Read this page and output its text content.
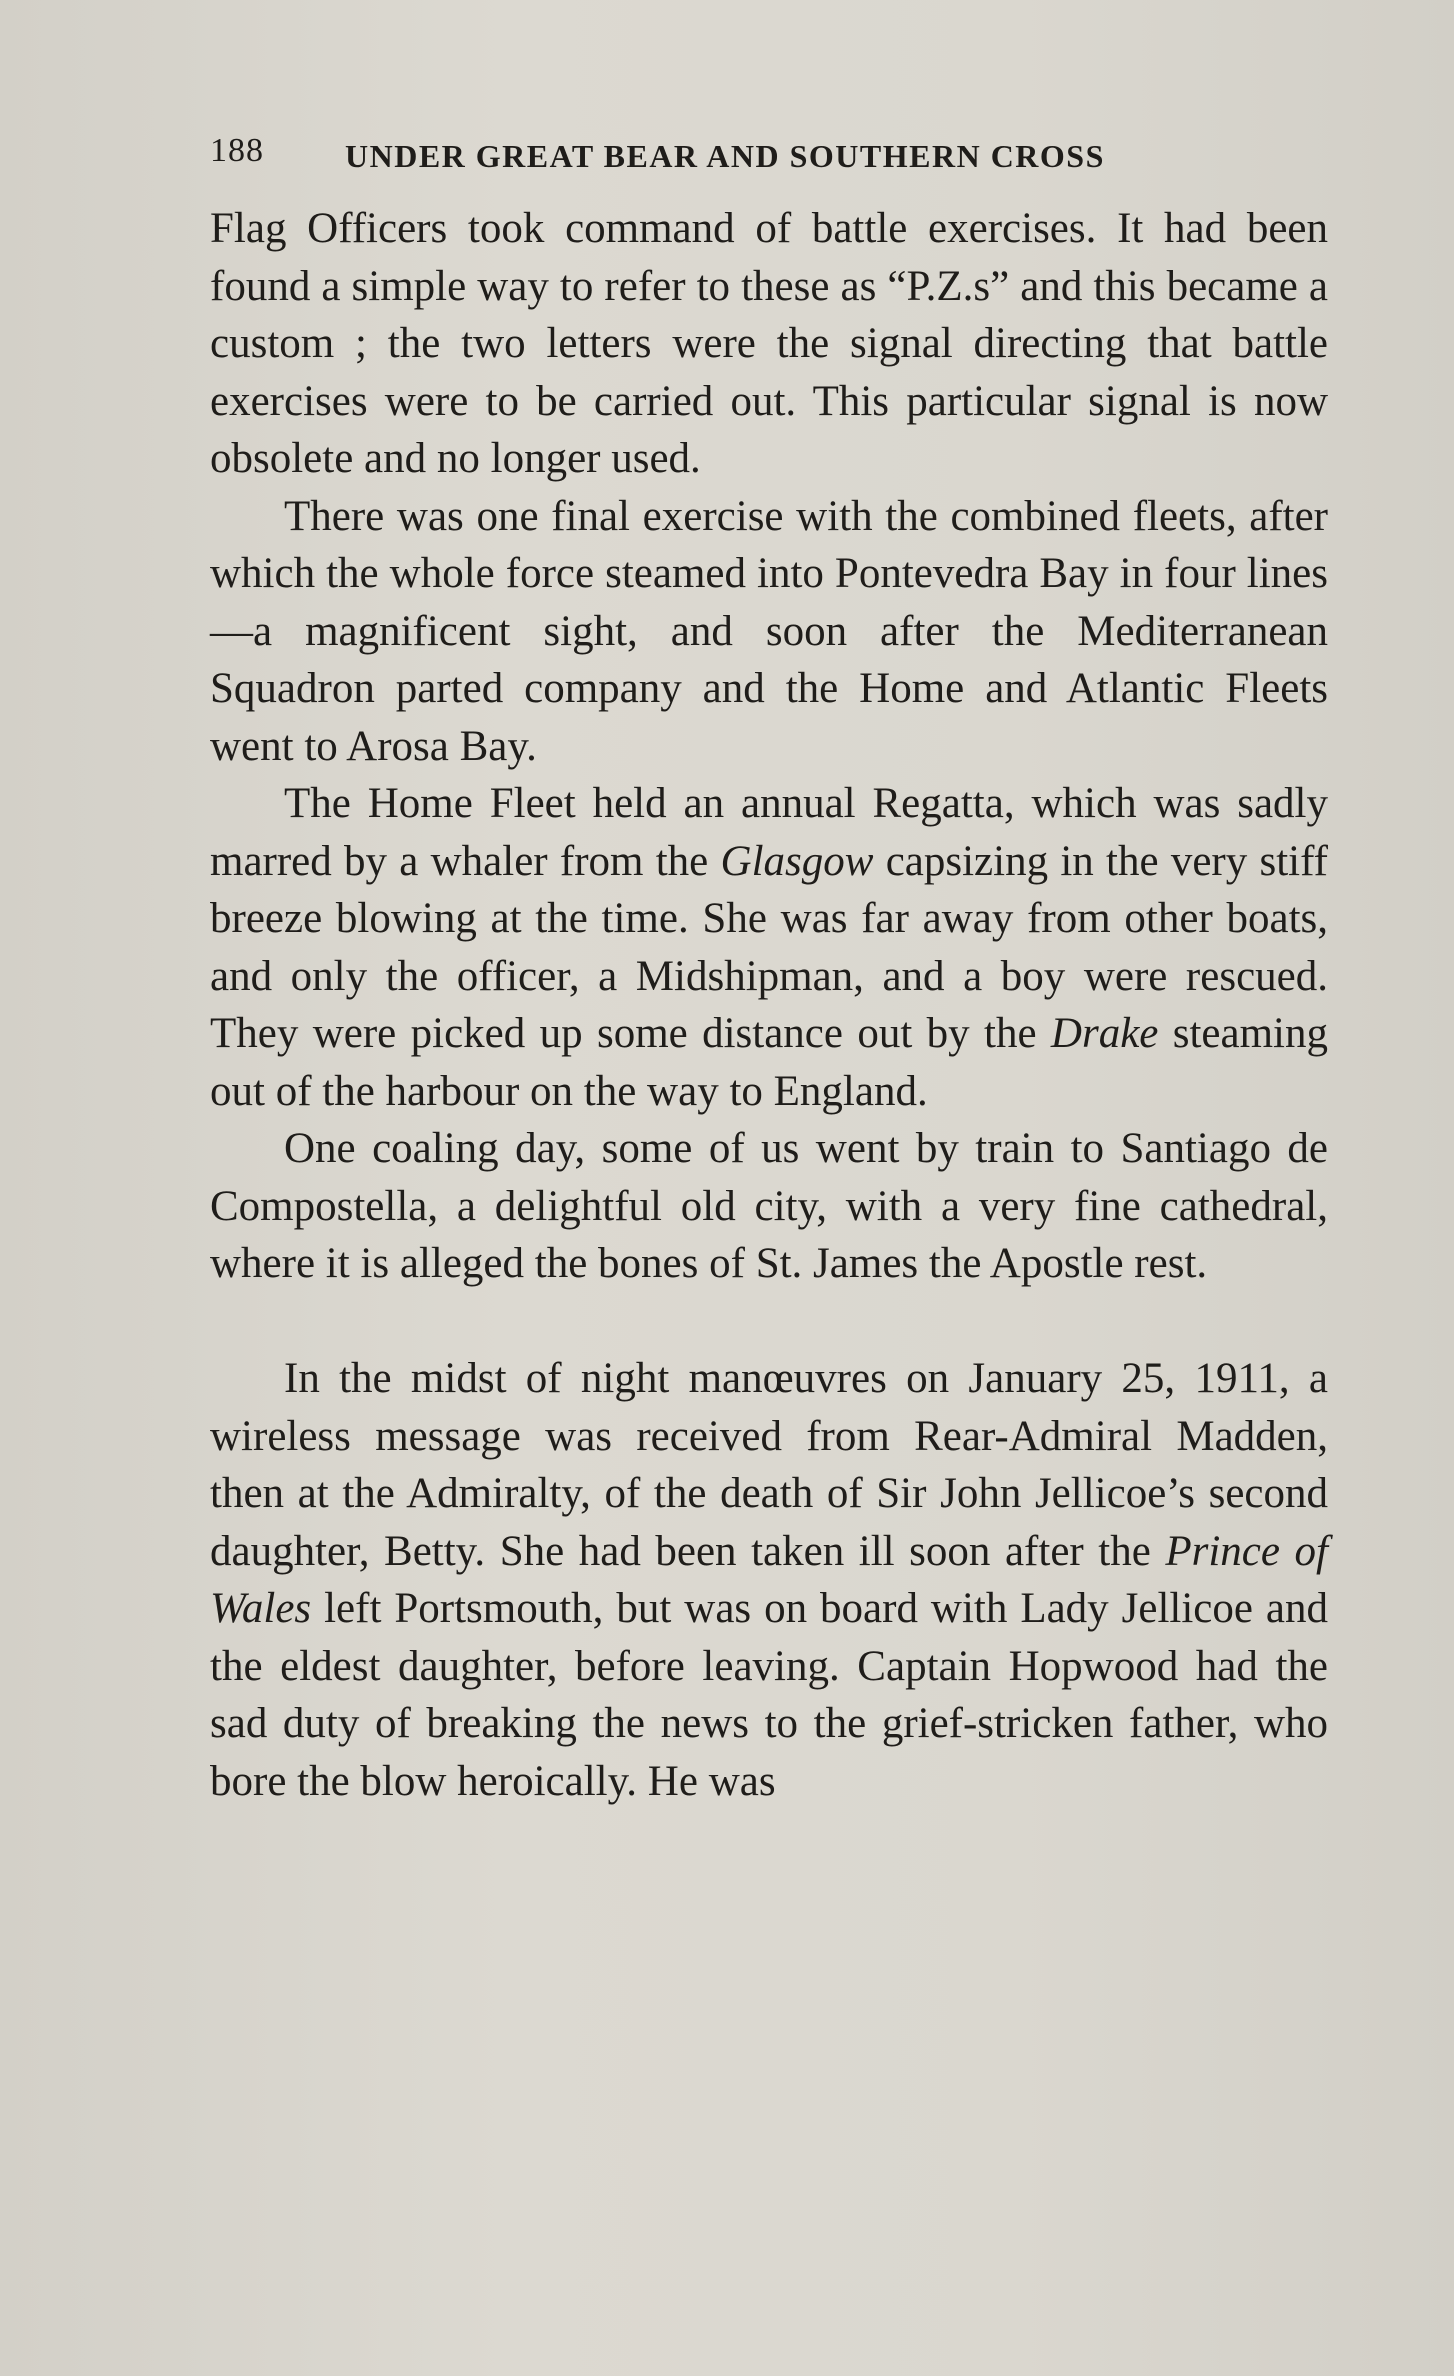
188	UNDER GREAT BEAR AND SOUTHERN CROSS

Flag Officers took command of battle exercises. It had been found a simple way to refer to these as “P.Z.s” and this became a custom ; the two letters were the signal directing that battle exercises were to be carried out. This particular signal is now obsolete and no longer used.

There was one final exercise with the combined fleets, after which the whole force steamed into Pontevedra Bay in four lines—a magnificent sight, and soon after the Mediterranean Squadron parted company and the Home and Atlantic Fleets went to Arosa Bay.

The Home Fleet held an annual Regatta, which was sadly marred by a whaler from the Glasgow capsizing in the very stiff breeze blowing at the time. She was far away from other boats, and only the officer, a Midshipman, and a boy were rescued. They were picked up some distance out by the Drake steaming out of the harbour on the way to England.

One coaling day, some of us went by train to Santiago de Compostella, a delightful old city, with a very fine cathedral, where it is alleged the bones of St. James the Apostle rest.

In the midst of night manœuvres on January 25, 1911, a wireless message was received from Rear-Admiral Madden, then at the Admiralty, of the death of Sir John Jellicoe’s second daughter, Betty. She had been taken ill soon after the Prince of Wales left Portsmouth, but was on board with Lady Jellicoe and the eldest daughter, before leaving. Captain Hopwood had the sad duty of breaking the news to the grief-stricken father, who bore the blow heroically. He was
